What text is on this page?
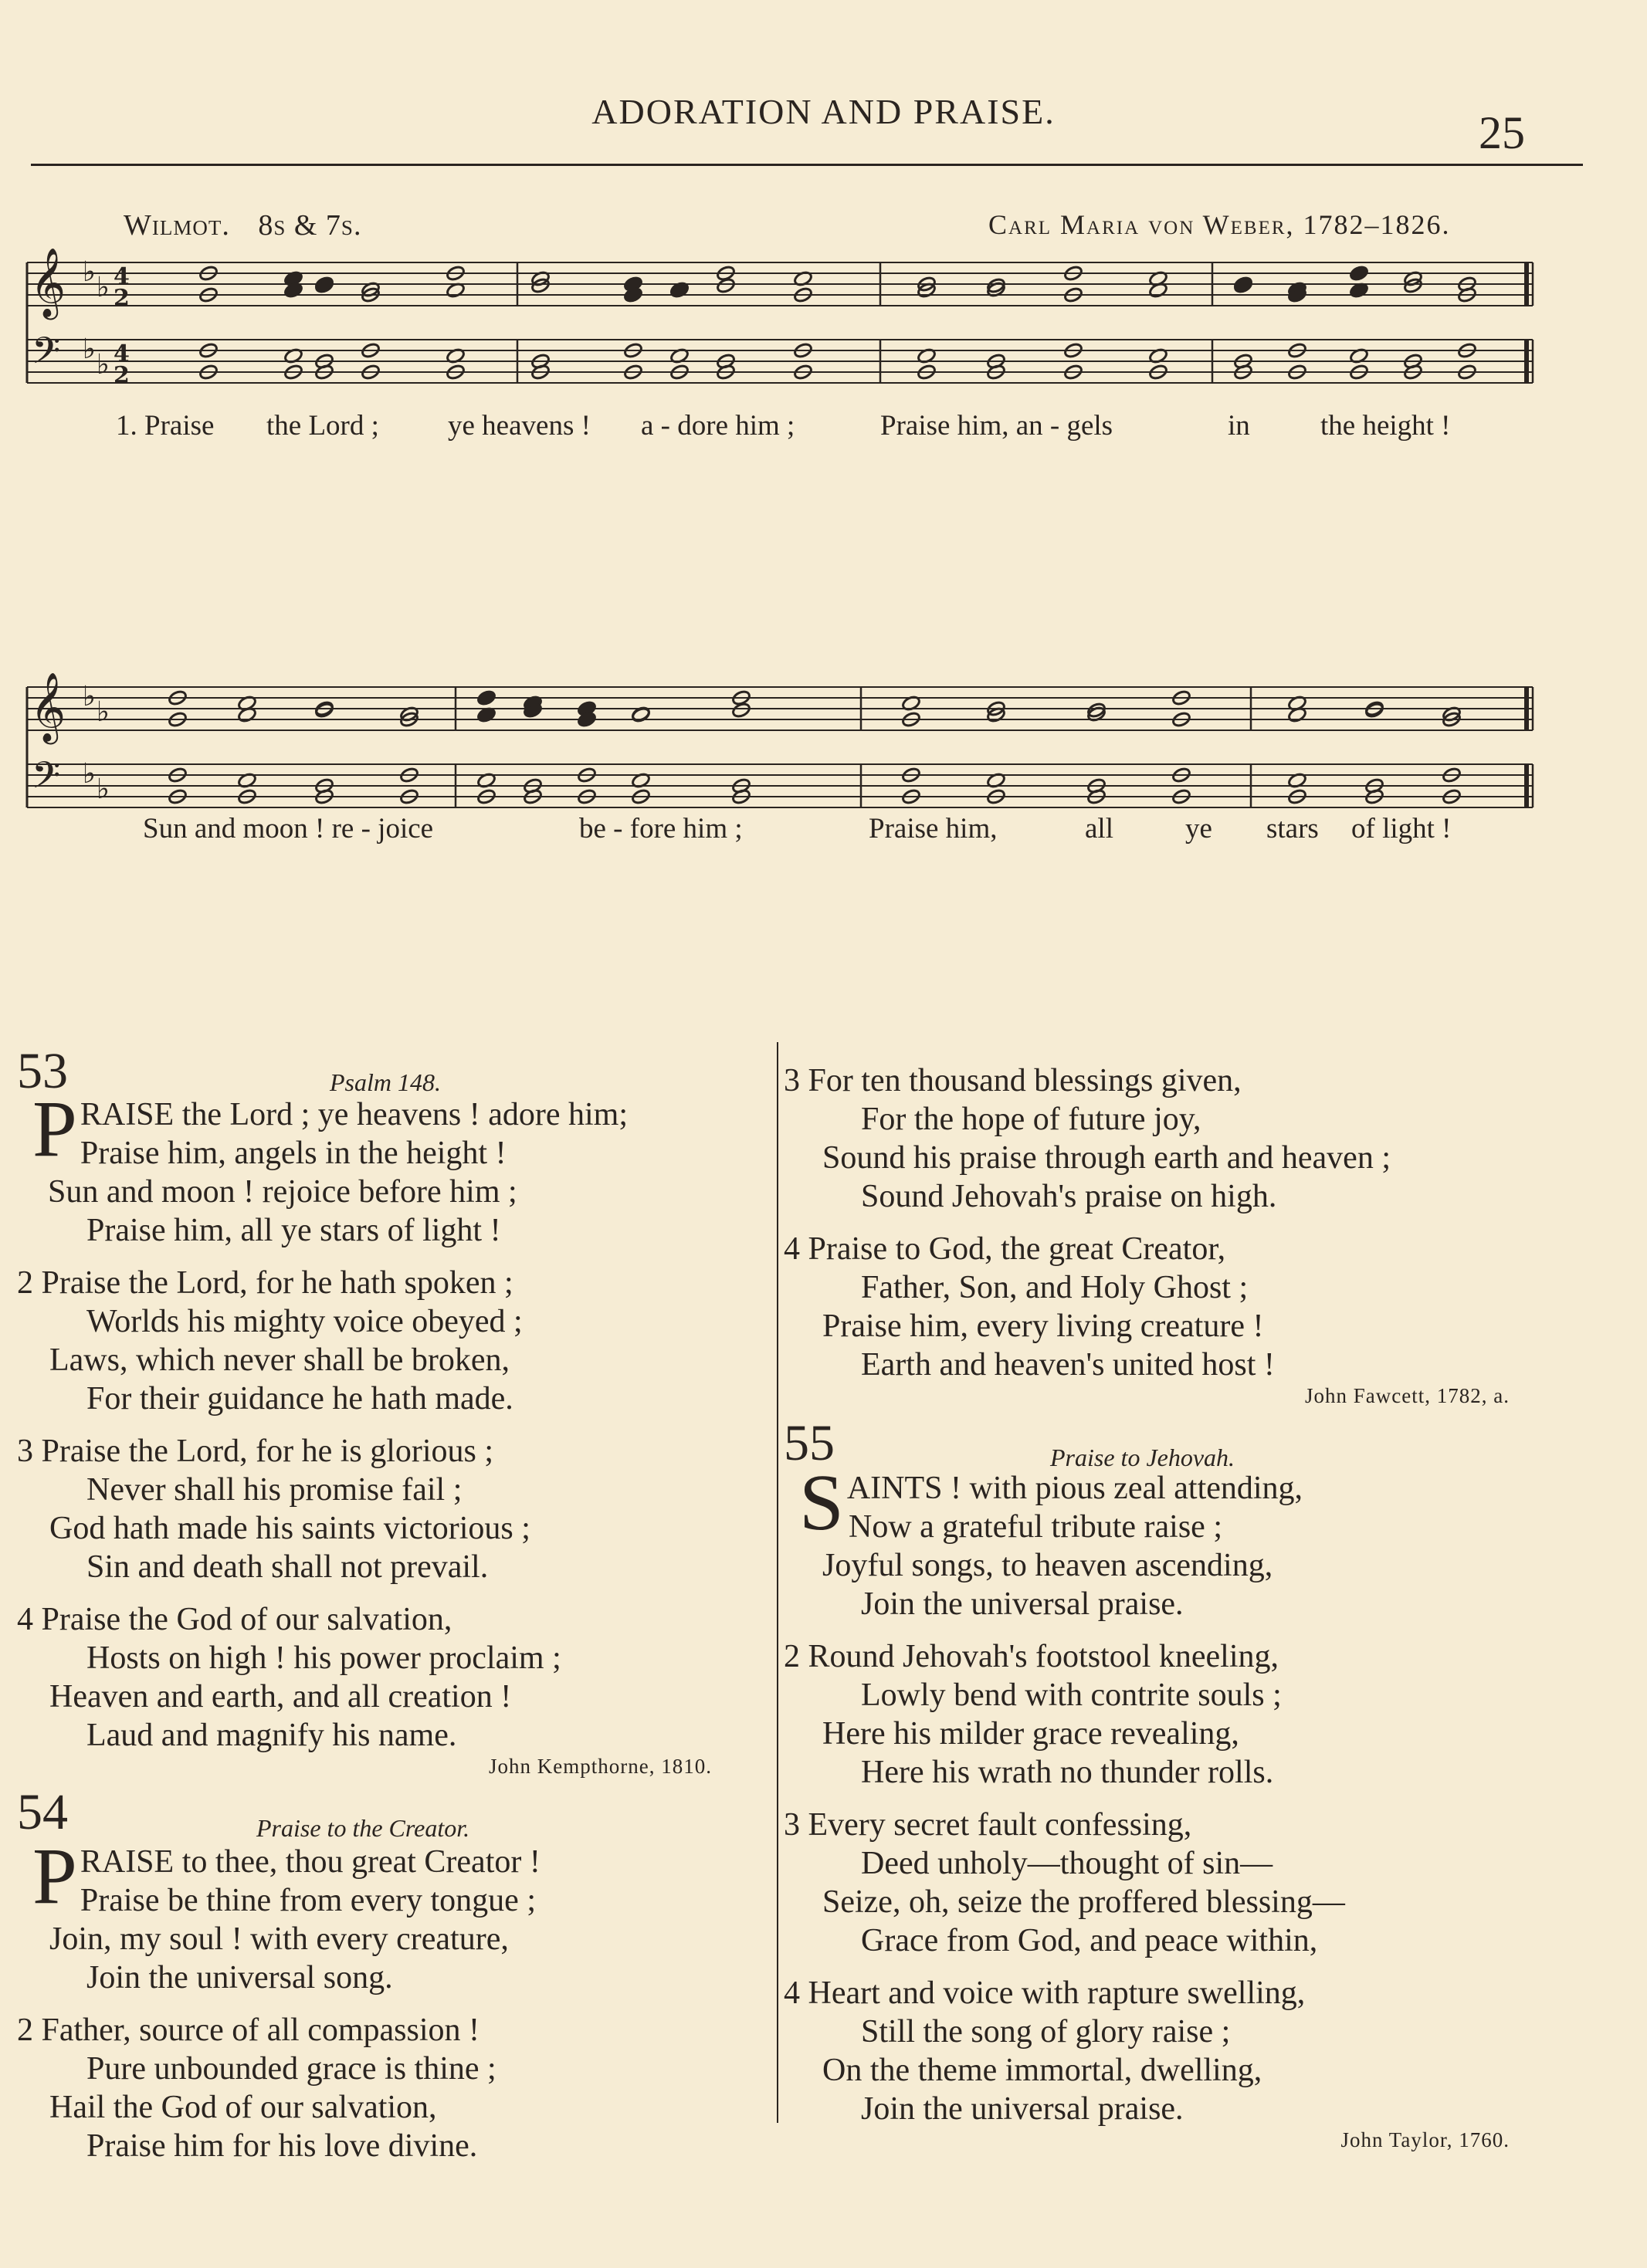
ADORATION AND PRAISE.	25
Wilmot. 8s & 7s.	Carl Maria von Weber, 1782–1826.
𝄞
𝄢
♭ ♭
♭ ♭
4
2
4
2
𝄞
𝄢
♭ ♭
♭ ♭
1. Praise the Lord ; ye heavens ! a - dore him ;	Praise him, an - gels	in the height !
Sun and moon ! re - joice	be - fore him ;	Praise him,	all	ye stars of light !
53	Psalm 148.
PRAISE the Lord ; ye heavens ! adore him;
Praise him, angels in the height !
Sun and moon ! rejoice before him ;
Praise him, all ye stars of light !
2 Praise the Lord, for he hath spoken ;
Worlds his mighty voice obeyed ;
Laws, which never shall be broken,
For their guidance he hath made.
3 Praise the Lord, for he is glorious ;
Never shall his promise fail ;
God hath made his saints victorious ;
Sin and death shall not prevail.
4 Praise the God of our salvation,
Hosts on high ! his power proclaim ;
Heaven and earth, and all creation !
Laud and magnify his name.
John Kempthorne, 1810.
54	Praise to the Creator.
PRAISE to thee, thou great Creator !
Praise be thine from every tongue ;
Join, my soul ! with every creature,
Join the universal song.
2 Father, source of all compassion !
Pure unbounded grace is thine ;
Hail the God of our salvation,
Praise him for his love divine.
3 For ten thousand blessings given,
For the hope of future joy,
Sound his praise through earth and heaven ;
Sound Jehovah's praise on high.
4 Praise to God, the great Creator,
Father, Son, and Holy Ghost ;
Praise him, every living creature !
Earth and heaven's united host !
John Fawcett, 1782, a.
55	Praise to Jehovah.
SAINTS ! with pious zeal attending,
Now a grateful tribute raise ;
Joyful songs, to heaven ascending,
Join the universal praise.
2 Round Jehovah's footstool kneeling,
Lowly bend with contrite souls ;
Here his milder grace revealing,
Here his wrath no thunder rolls.
3 Every secret fault confessing,
Deed unholy—thought of sin—
Seize, oh, seize the proffered blessing—
Grace from God, and peace within,
4 Heart and voice with rapture swelling,
Still the song of glory raise ;
On the theme immortal, dwelling,
Join the universal praise.
John Taylor, 1760.
